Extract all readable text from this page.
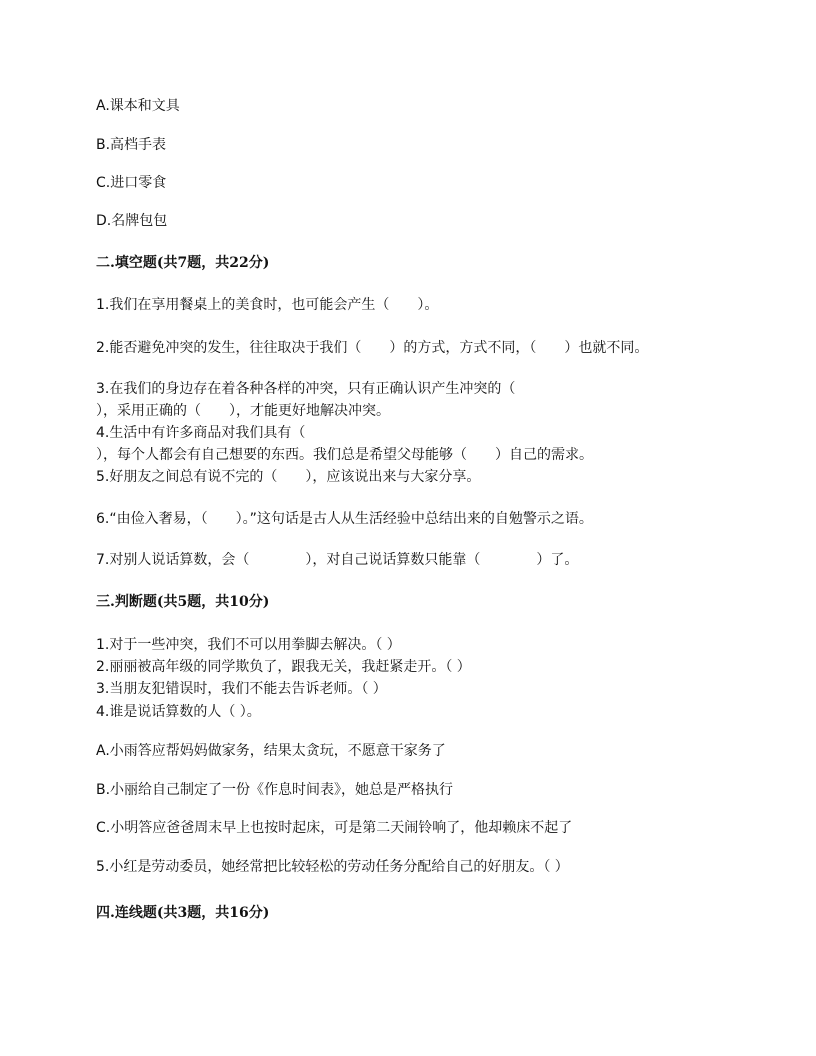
A.课本和文具
B.高档手表
C.进口零食
D.名牌包包
二.填空题(共7题，共22分)
1.我们在享用餐桌上的美食时，也可能会产生（　　）。
2.能否避免冲突的发生，往往取决于我们（　　）的方式，方式不同，（　　）也就不同。
3.在我们的身边存在着各种各样的冲突，只有正确认识产生冲突的（
），采用正确的（　　），才能更好地解决冲突。
4.生活中有许多商品对我们具有（
），每个人都会有自己想要的东西。我们总是希望父母能够（　　）自己的需求。
5.好朋友之间总有说不完的（　　），应该说出来与大家分享。
6.“由俭入奢易，（　　）。”这句话是古人从生活经验中总结出来的自勉警示之语。
7.对别人说话算数，会（　　　　），对自己说话算数只能靠（　　　　）了。
三.判断题(共5题，共10分)
1.对于一些冲突，我们不可以用拳脚去解决。（ ）
2.丽丽被高年级的同学欺负了，跟我无关，我赶紧走开。（ ）
3.当朋友犯错误时，我们不能去告诉老师。（ ）
4.谁是说话算数的人（ ）。
A.小雨答应帮妈妈做家务，结果太贪玩，不愿意干家务了
B.小丽给自己制定了一份《作息时间表》，她总是严格执行
C.小明答应爸爸周末早上也按时起床，可是第二天闹铃响了，他却赖床不起了
5.小红是劳动委员，她经常把比较轻松的劳动任务分配给自己的好朋友。（ ）
四.连线题(共3题，共16分)
